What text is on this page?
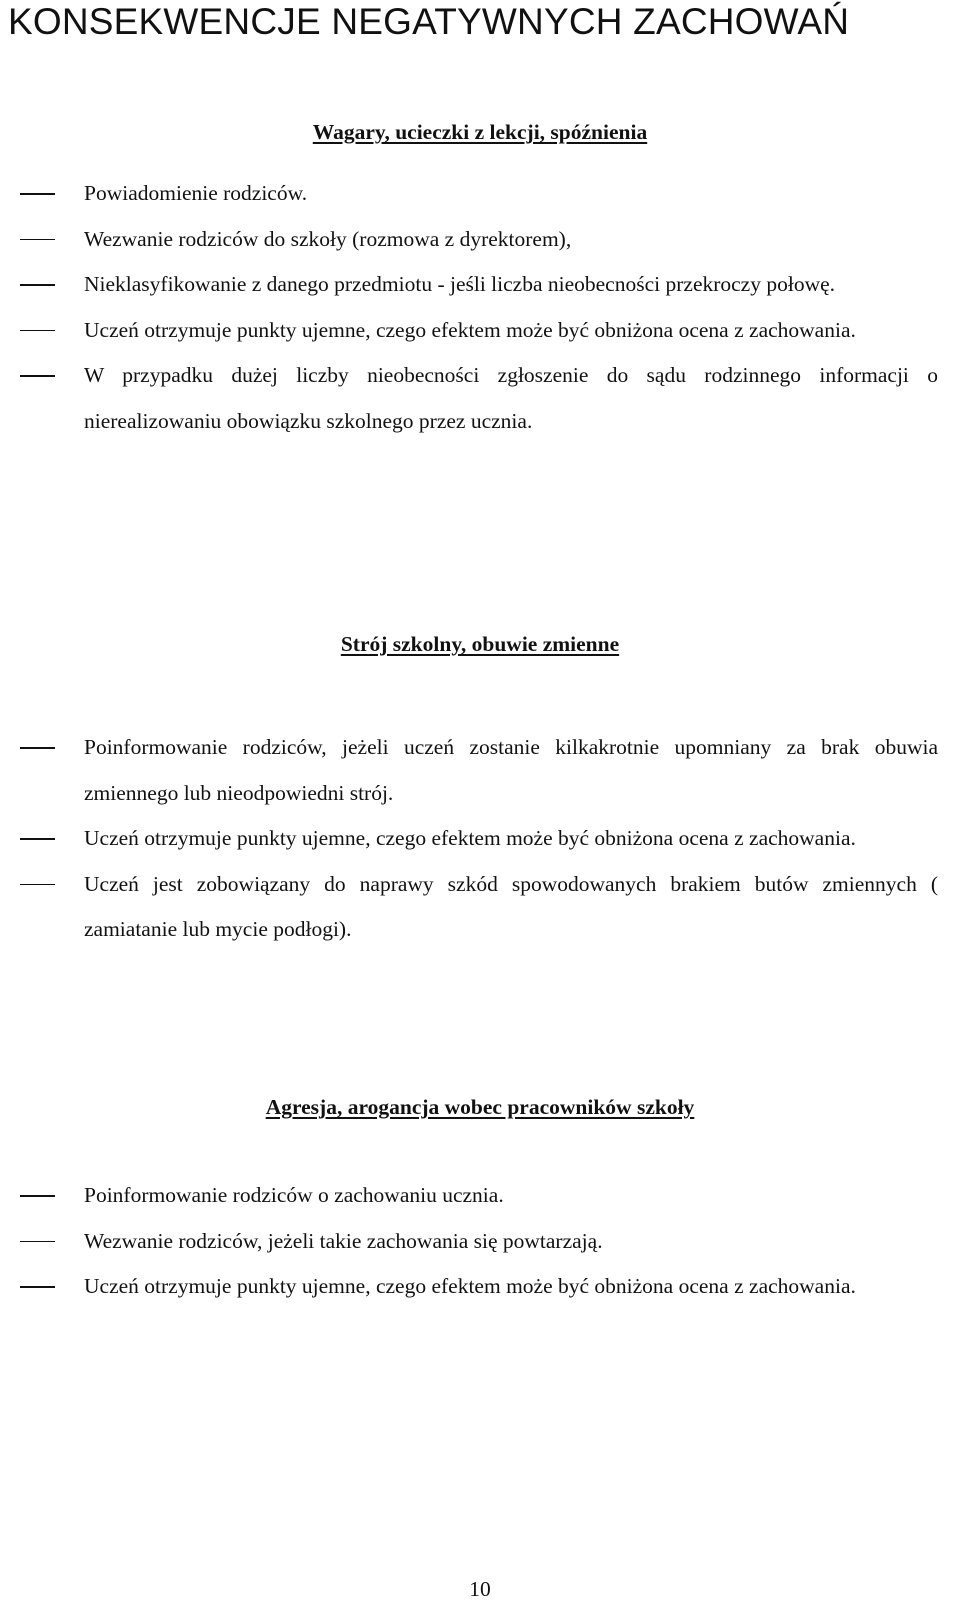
KONSEKWENCJE NEGATYWNYCH ZACHOWAŃ
Wagary, ucieczki z lekcji, spóźnienia
Powiadomienie rodziców.
Wezwanie rodziców do szkoły (rozmowa z dyrektorem),
Nieklasyfikowanie z danego przedmiotu - jeśli liczba nieobecności przekroczy połowę.
Uczeń otrzymuje punkty ujemne, czego efektem może być obniżona ocena z zachowania.
W przypadku dużej liczby nieobecności zgłoszenie do sądu rodzinnego informacji o nierealizowaniu obowiązku szkolnego przez ucznia.
Strój szkolny, obuwie zmienne
Poinformowanie rodziców, jeżeli uczeń zostanie kilkakrotnie upomniany za brak obuwia zmiennego lub nieodpowiedni strój.
Uczeń otrzymuje punkty ujemne, czego efektem może być obniżona ocena z zachowania.
Uczeń jest zobowiązany do naprawy szkód spowodowanych brakiem butów zmiennych ( zamiatanie lub mycie podłogi).
Agresja, arogancja wobec pracowników szkoły
Poinformowanie rodziców o zachowaniu ucznia.
Wezwanie rodziców, jeżeli takie zachowania się powtarzają.
Uczeń otrzymuje punkty ujemne, czego efektem może być obniżona ocena z zachowania.
10
